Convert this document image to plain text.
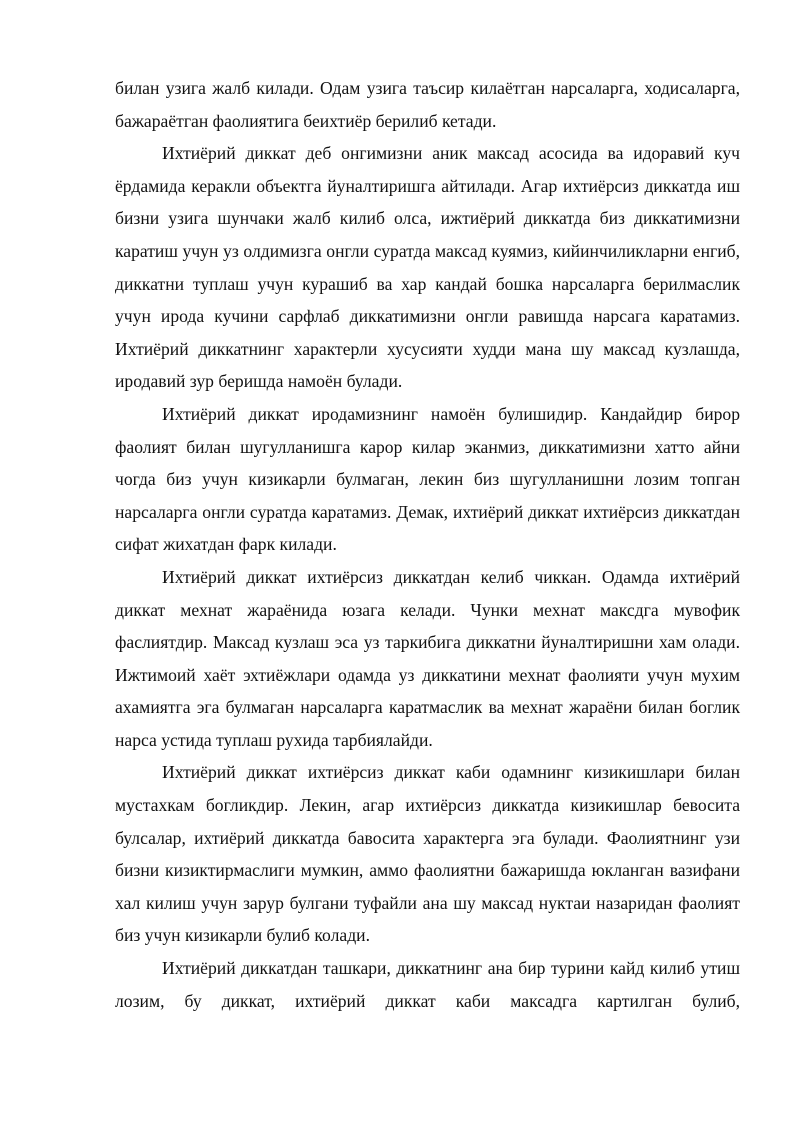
билан узига жалб килади. Одам узига таъсир килаётган нарсаларга, ходисаларга, бажараётган фаолиятига беихтиёр берилиб кетади.

Ихтиёрий диккат деб онгимизни аник максад асосида ва идоравий куч ёрдамида керакли объектга йуналтиришга айтилади. Агар ихтиёрсиз диккатда иш бизни узига шунчаки жалб килиб олса, ижтиёрий диккатда биз диккатимизни каратиш учун уз олдимизга онгли суратда максад куямиз, кийинчиликларни енгиб, диккатни туплаш учун курашиб ва хар кандай бошка нарсаларга берилмаслик учун ирода кучини сарфлаб диккатимизни онгли равишда нарсага каратамиз. Ихтиёрий диккатнинг характерли хусусияти худди мана шу максад кузлашда, иродавий зур беришда намоён булади.

Ихтиёрий диккат иродамизнинг намоён булишидир. Кандайдир бирор фаолият билан шугулланишга карор килар эканмиз, диккатимизни хатто айни чогда биз учун кизикарли булмаган, лекин биз шугулланишни лозим топган нарсаларга онгли суратда каратамиз. Демак, ихтиёрий диккат ихтиёрсиз диккатдан сифат жихатдан фарк килади.

Ихтиёрий диккат ихтиёрсиз диккатдан келиб чиккан. Одамда ихтиёрий диккат мехнат жараёнида юзага келади. Чунки мехнат максдга мувофик фаслиятдир. Максад кузлаш эса уз таркибига диккатни йуналтиришни хам олади. Ижтимоий хаёт эхтиёжлари одамда уз диккатини мехнат фаолияти учун мухим ахамиятга эга булмаган нарсаларга каратмаслик ва мехнат жараёни билан боглик нарса устида туплаш рухида тарбиялайди.

Ихтиёрий диккат ихтиёрсиз диккат каби одамнинг кизикишлари билан мустахкам богликдир. Лекин, агар ихтиёрсиз диккатда кизикишлар бевосита булсалар, ихтиёрий диккатда бавосита характерга эга булади. Фаолиятнинг узи бизни кизиктирмаслиги мумкин, аммо фаолиятни бажаришда юкланган вазифани хал килиш учун зарур булгани туфайли ана шу максад нуктаи назаридан фаолият биз учун кизикарли булиб колади.

Ихтиёрий диккатдан ташкари, диккатнинг ана бир турини кайд килиб утиш лозим, бу диккат, ихтиёрий диккат каби максадга картилган булиб,
